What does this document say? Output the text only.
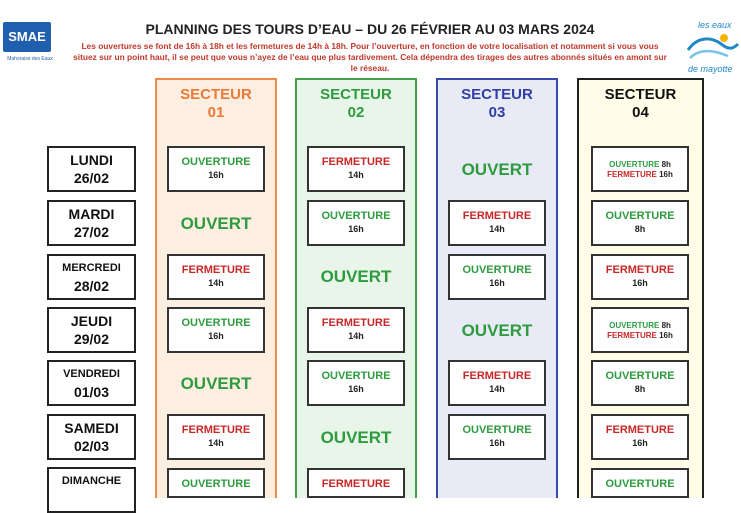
SMAE
Mahoraise des Eaux
les eaux
de mayotte
PLANNING DES TOURS D’EAU – DU 26 FÉVRIER AU 03 MARS 2024
Les ouvertures se font de 16h à 18h et les fermetures de 14h à 18h. Pour l’ouverture, en fonction de votre localisation et notamment si vous vous situez sur un point haut, il se peut que vous n’ayez de l’eau que plus tardivement. Cela dépendra des tirages des autres abonnés situés en amont sur le réseau.
SECTEUR
01
SECTEUR
02
SECTEUR
03
SECTEUR
04
LUNDI
26/02
MARDI
27/02
MERCREDI
28/02
JEUDI
29/02
VENDREDI
01/03
SAMEDI
02/03
DIMANCHE
OUVERTURE
16h
OUVERT
FERMETURE
14h
OUVERTURE
16h
OUVERT
FERMETURE
14h
OUVERTURE
FERMETURE
14h
OUVERTURE
16h
OUVERT
FERMETURE
14h
OUVERTURE
16h
OUVERT
FERMETURE
OUVERT
FERMETURE
14h
OUVERTURE
16h
OUVERT
FERMETURE
14h
OUVERTURE
16h
OUVERTURE 8h
FERMETURE 16h
OUVERTURE
8h
FERMETURE
16h
OUVERTURE 8h
FERMETURE 16h
OUVERTURE
8h
FERMETURE
16h
OUVERTURE
